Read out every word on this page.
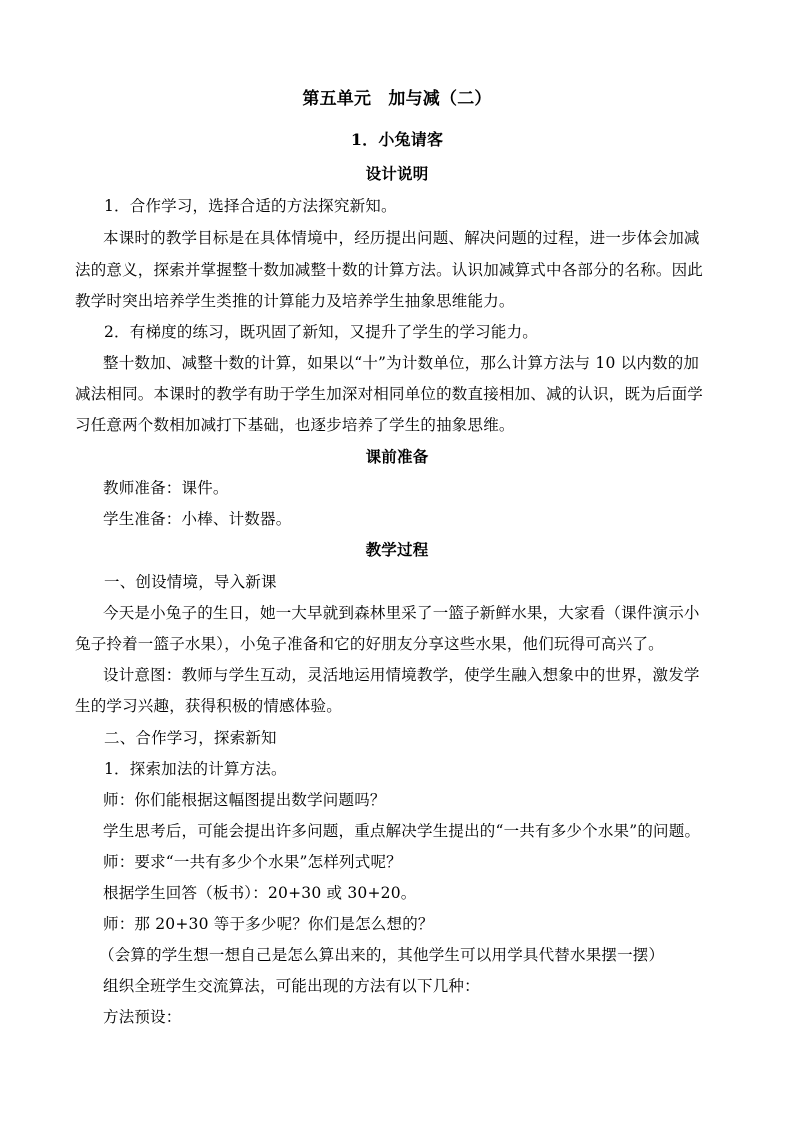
第五单元　加与减（二）
1．小兔请客
设计说明
1．合作学习，选择合适的方法探究新知。
本课时的教学目标是在具体情境中，经历提出问题、解决问题的过程，进一步体会加减
法的意义，探索并掌握整十数加减整十数的计算方法。认识加减算式中各部分的名称。因此
教学时突出培养学生类推的计算能力及培养学生抽象思维能力。
2．有梯度的练习，既巩固了新知，又提升了学生的学习能力。
整十数加、减整十数的计算，如果以“十”为计数单位，那么计算方法与 10 以内数的加
减法相同。本课时的教学有助于学生加深对相同单位的数直接相加、减的认识，既为后面学
习任意两个数相加减打下基础，也逐步培养了学生的抽象思维。
课前准备
教师准备：课件。
学生准备：小棒、计数器。
教学过程
一、创设情境，导入新课
今天是小兔子的生日，她一大早就到森林里采了一篮子新鲜水果，大家看（课件演示小
兔子拎着一篮子水果），小兔子准备和它的好朋友分享这些水果，他们玩得可高兴了。
设计意图：教师与学生互动，灵活地运用情境教学，使学生融入想象中的世界，激发学
生的学习兴趣，获得积极的情感体验。
二、合作学习，探索新知
1．探索加法的计算方法。
师：你们能根据这幅图提出数学问题吗？
学生思考后，可能会提出许多问题，重点解决学生提出的“一共有多少个水果”的问题。
师：要求“一共有多少个水果”怎样列式呢？
根据学生回答（板书）：20+30 或 30+20。
师：那 20+30 等于多少呢？你们是怎么想的？
（会算的学生想一想自己是怎么算出来的，其他学生可以用学具代替水果摆一摆）
组织全班学生交流算法，可能出现的方法有以下几种：
方法预设：
